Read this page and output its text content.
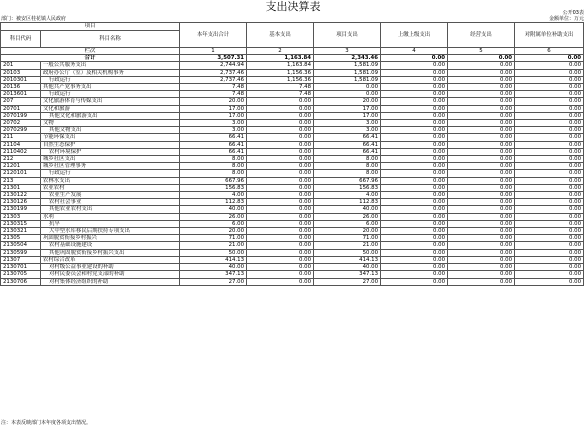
支出决算表	公开03表
部门：被安区桂花镇人民政府	金额单位：万元
项目		本年支出合计	基本支出	项目支出	上缴上级支出	经营支出	对附属单位补助支出
科目代码	科目名称						
栏次		1	2	3	4	5	6
合计		3,507.31	1,163.84	2,343.46	0.00	0.00	0.00
201	一般公共服务支出	2,744.94	1,163.84	1,581.09	0.00	0.00	0.00
20103	政府办公厅（室）及相关机构事务	2,737.46	1,156.36	1,581.09	0.00	0.00	0.00
2010301	行政运行	2,737.46	1,156.36	1,581.09	0.00	0.00	0.00
20136	其他共产党事务支出	7.48	7.48	0.00	0.00	0.00	0.00
2013601	行政运行	7.48	7.48	0.00	0.00	0.00	0.00
207	文化旅游体育与传媒支出	20.00	0.00	20.00	0.00	0.00	0.00
20701	文化和旅游	17.00	0.00	17.00	0.00	0.00	0.00
2070199	其他文化和旅游支出	17.00	0.00	17.00	0.00	0.00	0.00
20702	文物	3.00	0.00	3.00	0.00	0.00	0.00
2070299	其他文物支出	3.00	0.00	3.00	0.00	0.00	0.00
211	节能环保支出	66.41	0.00	66.41	0.00	0.00	0.00
21104	自然生态保护	66.41	0.00	66.41	0.00	0.00	0.00
2110402	农村环境保护	66.41	0.00	66.41	0.00	0.00	0.00
212	城乡社区支出	8.00	0.00	8.00	0.00	0.00	0.00
21201	城乡社区管理事务	8.00	0.00	8.00	0.00	0.00	0.00
2120101	行政运行	8.00	0.00	8.00	0.00	0.00	0.00
213	农林水支出	667.96	0.00	667.96	0.00	0.00	0.00
21301	农业农村	156.83	0.00	156.83	0.00	0.00	0.00
2130122	农业生产发展	4.00	0.00	4.00	0.00	0.00	0.00
2130126	农村社会事业	112.83	0.00	112.83	0.00	0.00	0.00
2130199	其他农业农村支出	40.00	0.00	40.00	0.00	0.00	0.00
21303	水利	26.00	0.00	26.00	0.00	0.00	0.00
2130315	抗旱	6.00	0.00	6.00	0.00	0.00	0.00
2130321	大中型水库移民后期扶持专项支出	20.00	0.00	20.00	0.00	0.00	0.00
21305	巩固脱贫衔接乡村振兴	71.00	0.00	71.00	0.00	0.00	0.00
2130504	农村基础设施建设	21.00	0.00	21.00	0.00	0.00	0.00
2130599	其他巩固脱贫衔接乡村振兴支出	50.00	0.00	50.00	0.00	0.00	0.00
21307	农村综合改革	414.13	0.00	414.13	0.00	0.00	0.00
2130701	对村级公益事业建设的补助	40.00	0.00	40.00	0.00	0.00	0.00
2130705	对村民委员会和村党支部的补助	347.13	0.00	347.13	0.00	0.00	0.00
2130706	对村集体经济组织的补助	27.00	0.00	27.00	0.00	0.00	0.00
注：本表反映部门本年度各项支出情况。
